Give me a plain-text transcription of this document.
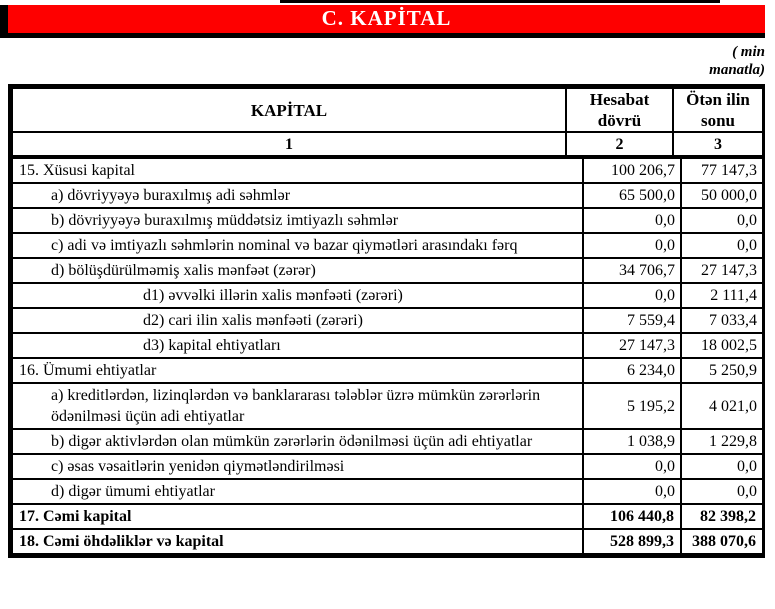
C. KAPİTAL
( min
manatla)
KAPİTAL	Hesabat dövrü	Ötən ilin sonu
1	2	3
15. Xüsusi kapital	100 206,7	77 147,3
a) dövriyyəyə buraxılmış adi səhmlər	65 500,0	50 000,0
b) dövriyyəyə buraxılmış müddətsiz imtiyazlı səhmlər	0,0	0,0
c) adi və imtiyazlı səhmlərin nominal və bazar qiymətləri arasındakı fərq	0,0	0,0
d) bölüşdürülməmiş xalis mənfəət (zərər)	34 706,7	27 147,3
d1) əvvəlki illərin xalis mənfəəti (zərəri)	0,0	2 111,4
d2) cari ilin xalis mənfəəti (zərəri)	7 559,4	7 033,4
d3) kapital ehtiyatları	27 147,3	18 002,5
16. Ümumi ehtiyatlar	6 234,0	5 250,9
a) kreditlərdən, lizinqlərdən və banklararası tələblər üzrə mümkün zərərlərin ödənilməsi üçün adi ehtiyatlar	5 195,2	4 021,0
b) digər aktivlərdən olan mümkün zərərlərin ödənilməsi üçün adi ehtiyatlar	1 038,9	1 229,8
c) əsas vəsaitlərin yenidən qiymətləndirilməsi	0,0	0,0
d) digər ümumi ehtiyatlar	0,0	0,0
17. Cəmi kapital	106 440,8	82 398,2
18. Cəmi öhdəliklər və kapital	528 899,3	388 070,6
